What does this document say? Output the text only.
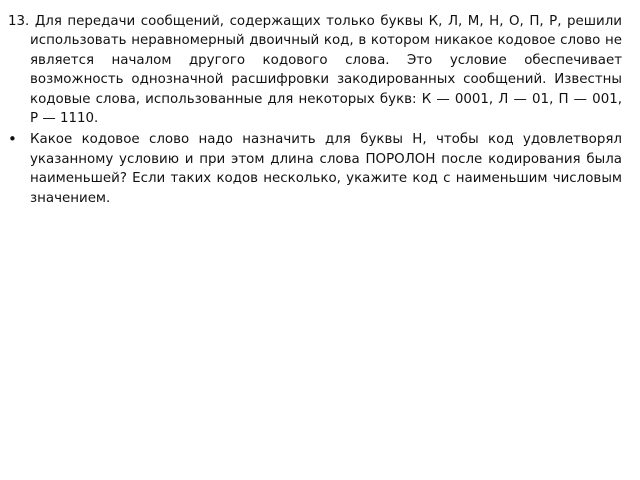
13. Для передачи сообщений, содержащих только буквы К, Л, М, Н, О, П, Р, решили использовать неравномерный двоичный код, в котором никакое кодовое слово не является началом другого кодового слова. Это условие обеспечивает возможность однозначной расшифровки закодированных сообщений. Известны кодовые слова, использованные для некоторых букв: К — 0001, Л — 01, П — 001, Р — 1110.

• Какое кодовое слово надо назначить для буквы Н, чтобы код удовлетворял указанному условию и при этом длина слова ПОРОЛОН после кодирования была наименьшей? Если таких кодов несколько, укажите код с наименьшим числовым значением.
